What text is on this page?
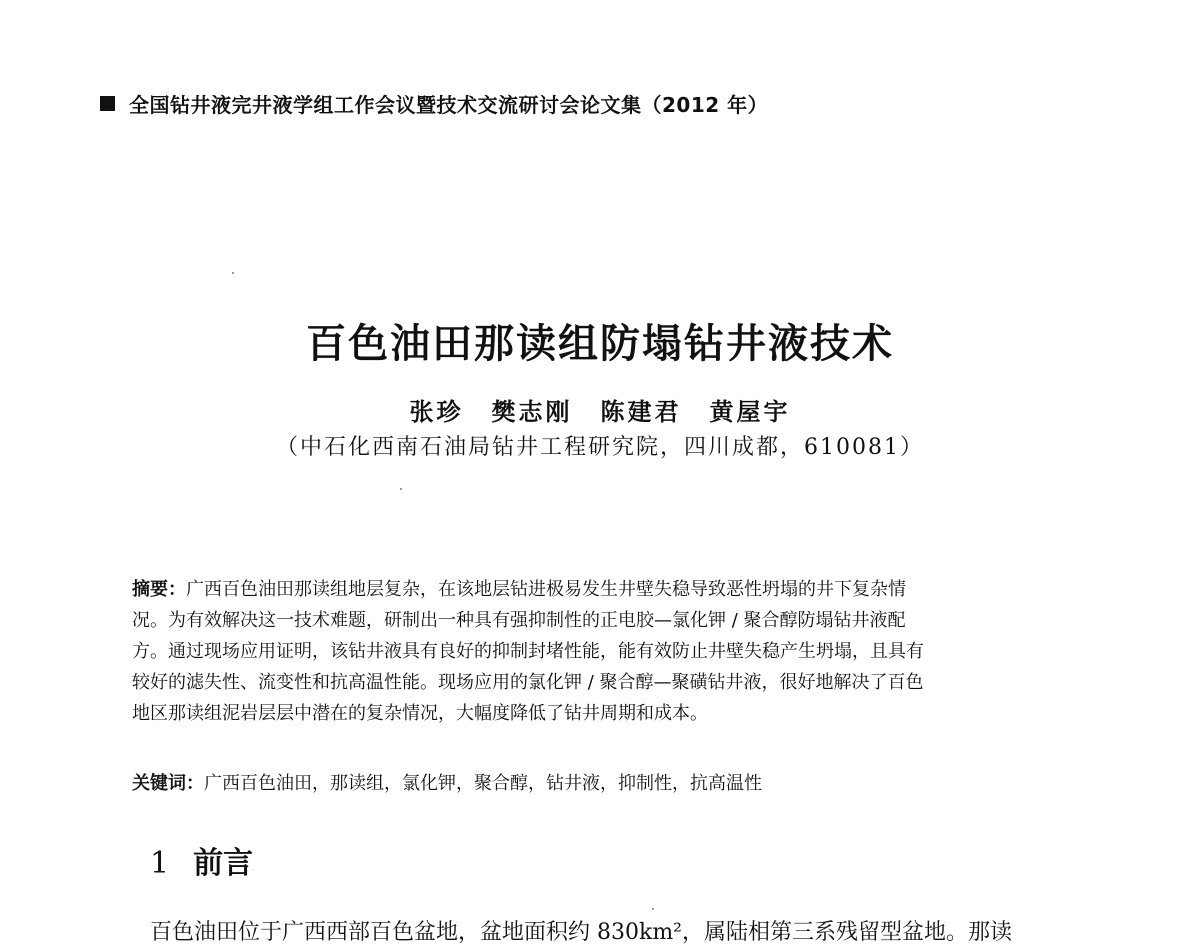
全国钻井液完井液学组工作会议暨技术交流研讨会论文集（2012 年）
百色油田那读组防塌钻井液技术
张珍 樊志刚 陈建君 黄屋宇
（中石化西南石油局钻井工程研究院，四川成都，610081）
摘要：广西百色油田那读组地层复杂，在该地层钻进极易发生井壁失稳导致恶性坍塌的井下复杂情
况。为有效解决这一技术难题，研制出一种具有强抑制性的正电胶—氯化钾 / 聚合醇防塌钻井液配
方。通过现场应用证明，该钻井液具有良好的抑制封堵性能，能有效防止井壁失稳产生坍塌，且具有
较好的滤失性、流变性和抗高温性能。现场应用的氯化钾 / 聚合醇—聚磺钻井液，很好地解决了百色
地区那读组泥岩层层中潜在的复杂情况，大幅度降低了钻井周期和成本。
关键词：广西百色油田，那读组，氯化钾，聚合醇，钻井液，抑制性，抗高温性
1 前言
百色油田位于广西西部百色盆地，盆地面积约 830km²，属陆相第三系残留型盆地。那读
